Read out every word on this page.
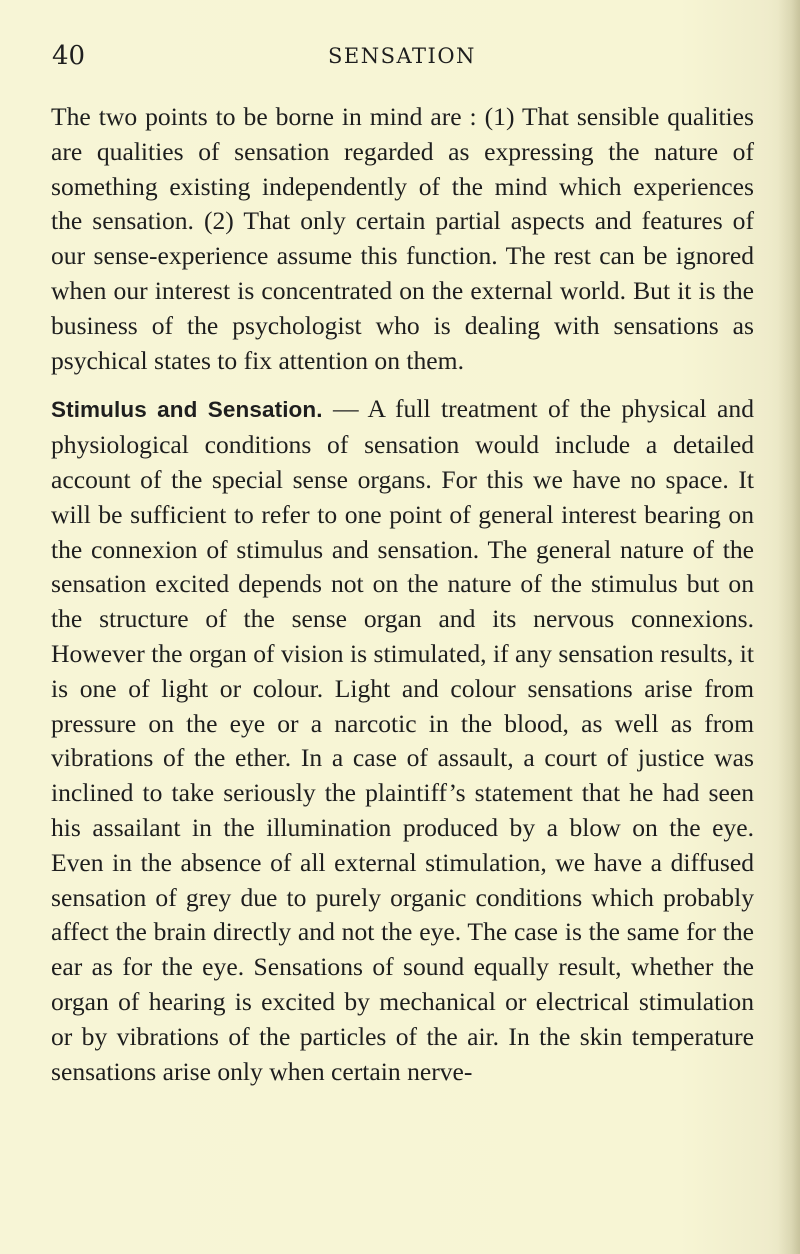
40	SENSATION

The two points to be borne in mind are : (1) That sensible qualities are qualities of sensation regarded as expressing the nature of something existing independently of the mind which experiences the sensation. (2) That only certain partial aspects and features of our sense-experience assume this function. The rest can be ignored when our interest is concentrated on the external world. But it is the business of the psychologist who is dealing with sensations as psychical states to fix attention on them.

Stimulus and Sensation. — A full treatment of the physical and physiological conditions of sensation would include a detailed account of the special sense organs. For this we have no space. It will be sufficient to refer to one point of general interest bearing on the connexion of stimulus and sensation. The general nature of the sensation excited depends not on the nature of the stimulus but on the structure of the sense organ and its nervous connexions. However the organ of vision is stimulated, if any sensation results, it is one of light or colour. Light and colour sensations arise from pressure on the eye or a narcotic in the blood, as well as from vibrations of the ether. In a case of assault, a court of justice was inclined to take seriously the plaintiff’s statement that he had seen his assailant in the illumination produced by a blow on the eye. Even in the absence of all external stimulation, we have a diffused sensation of grey due to purely organic conditions which probably affect the brain directly and not the eye. The case is the same for the ear as for the eye. Sensations of sound equally result, whether the organ of hearing is excited by mechanical or electrical stimulation or by vibrations of the particles of the air. In the skin temperature sensations arise only when certain nerve-
